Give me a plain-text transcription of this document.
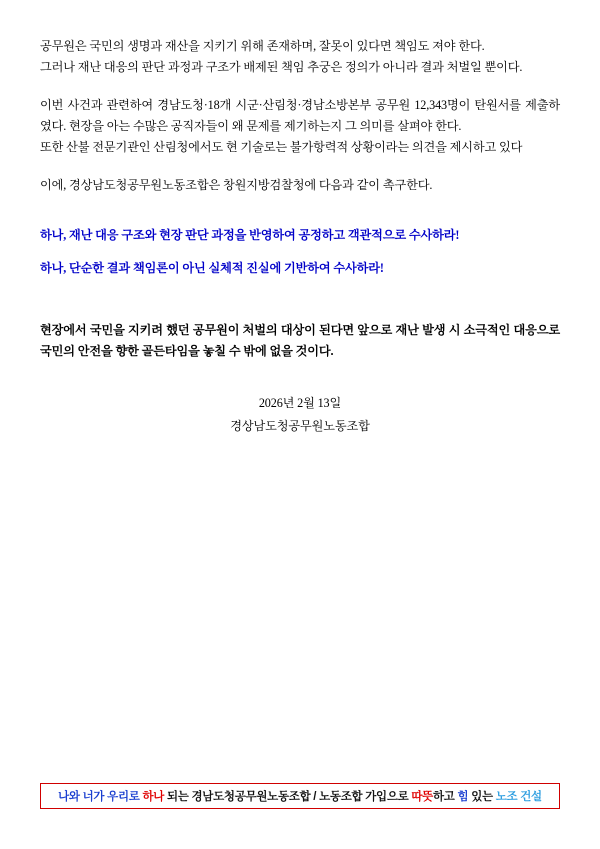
공무원은 국민의 생명과 재산을 지키기 위해 존재하며, 잘못이 있다면 책임도 져야 한다.

그러나 재난 대응의 판단 과정과 구조가 배제된 책임 추궁은 정의가 아니라 결과 처벌일 뿐이다.

이번 사건과 관련하여 경남도청·18개 시군·산림청·경남소방본부 공무원 12,343명이 탄원서를 제출하였다. 현장을 아는 수많은 공직자들이 왜 문제를 제기하는지 그 의미를 살펴야 한다.

또한 산불 전문기관인 산림청에서도 현 기술로는 불가항력적 상황이라는 의견을 제시하고 있다

이에, 경상남도청공무원노동조합은 창원지방검찰청에 다음과 같이 촉구한다.

하나, 재난 대응 구조와 현장 판단 과정을 반영하여 공정하고 객관적으로 수사하라!

하나, 단순한 결과 책임론이 아닌 실체적 진실에 기반하여 수사하라!

현장에서 국민을 지키려 했던 공무원이 처벌의 대상이 된다면 앞으로 재난 발생 시 소극적인 대응으로 국민의 안전을 향한 골든타임을 놓칠 수 밖에 없을 것이다.

2026년 2월 13일
경상남도청공무원노동조합
나와 너가 우리로 하나 되는 경남도청공무원노동조합 / 노동조합 가입으로 따뜻하고 힘 있는 노조 건설
